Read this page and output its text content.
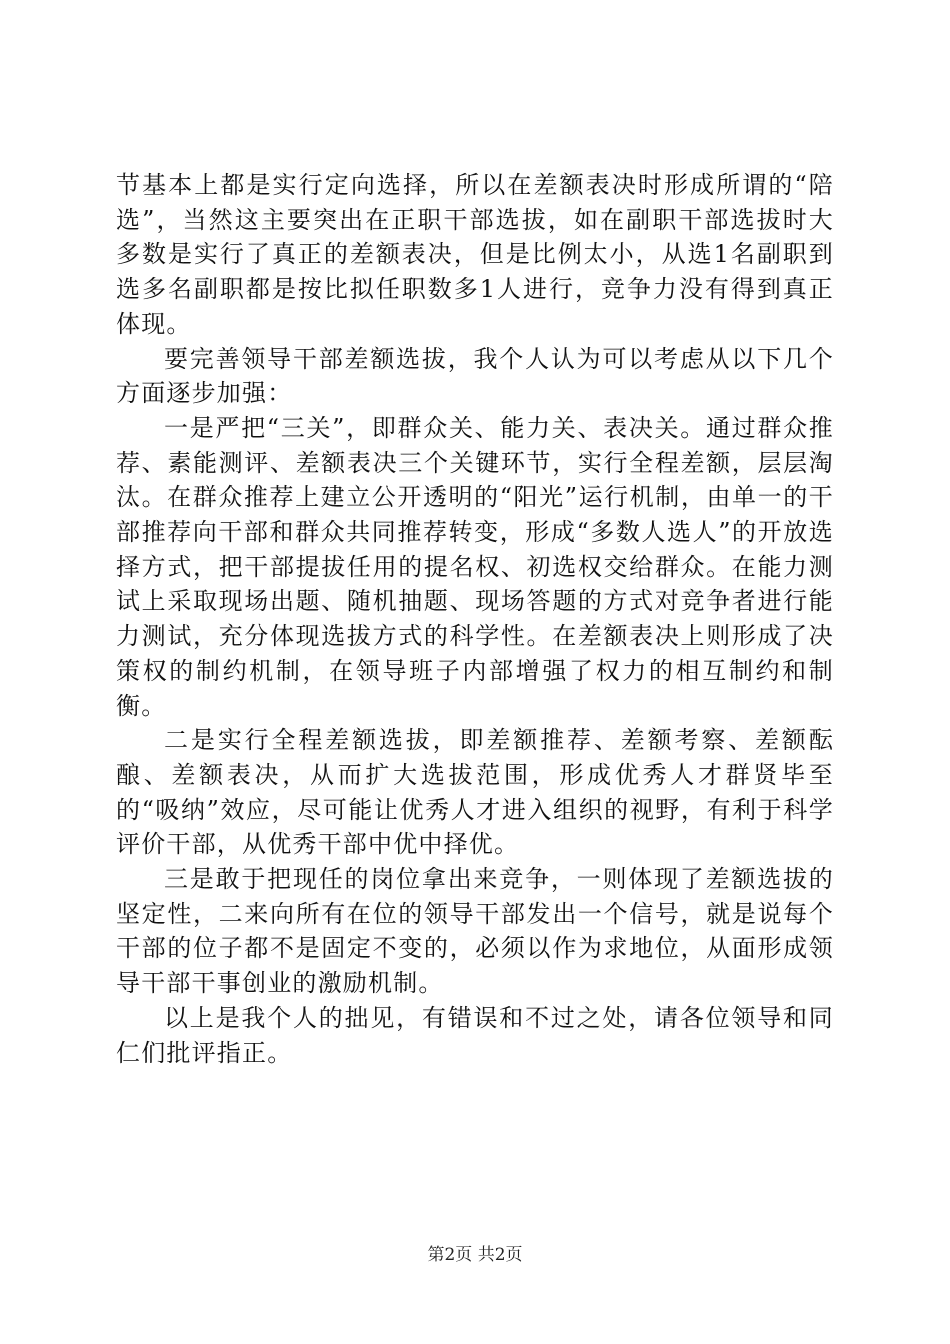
节基本上都是实行定向选择，所以在差额表决时形成所谓的“陪选”，当然这主要突出在正职干部选拔，如在副职干部选拔时大多数是实行了真正的差额表决，但是比例太小，从选1名副职到选多名副职都是按比拟任职数多1人进行，竞争力没有得到真正体现。

要完善领导干部差额选拔，我个人认为可以考虑从以下几个方面逐步加强：

一是严把“三关”，即群众关、能力关、表决关。通过群众推荐、素能测评、差额表决三个关键环节，实行全程差额，层层淘汰。在群众推荐上建立公开透明的“阳光”运行机制，由单一的干部推荐向干部和群众共同推荐转变，形成“多数人选人”的开放选择方式，把干部提拔任用的提名权、初选权交给群众。在能力测试上采取现场出题、随机抽题、现场答题的方式对竞争者进行能力测试，充分体现选拔方式的科学性。在差额表决上则形成了决策权的制约机制，在领导班子内部增强了权力的相互制约和制衡。

二是实行全程差额选拔，即差额推荐、差额考察、差额酝酿、差额表决，从而扩大选拔范围，形成优秀人才群贤毕至的“吸纳”效应，尽可能让优秀人才进入组织的视野，有利于科学评价干部，从优秀干部中优中择优。

三是敢于把现任的岗位拿出来竞争，一则体现了差额选拔的坚定性，二来向所有在位的领导干部发出一个信号，就是说每个干部的位子都不是固定不变的，必须以作为求地位，从面形成领导干部干事创业的激励机制。

以上是我个人的拙见，有错误和不过之处，请各位领导和同仁们批评指正。

第2页 共2页
